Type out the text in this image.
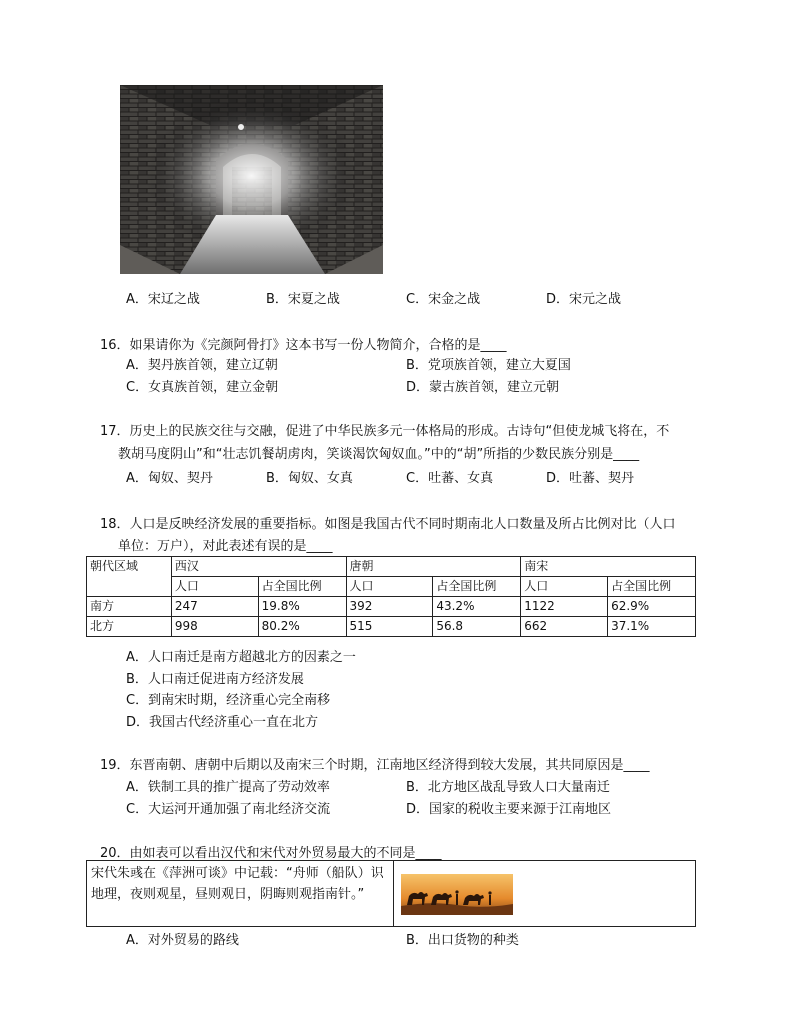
A．宋辽之战	B．宋夏之战	C．宋金之战	D．宋元之战
16．如果请你为《完颜阿骨打》这本书写一份人物简介，合格的是____
A．契丹族首领，建立辽朝	B．党项族首领，建立大夏国
C．女真族首领，建立金朝	D．蒙古族首领，建立元朝
17．历史上的民族交往与交融，促进了中华民族多元一体格局的形成。古诗句“但使龙城飞将在，不
教胡马度阴山”和“壮志饥餐胡虏肉，笑谈渴饮匈奴血。”中的“胡”所指的少数民族分别是____
A．匈奴、契丹	B．匈奴、女真	C．吐蕃、女真	D．吐蕃、契丹
18．人口是反映经济发展的重要指标。如图是我国古代不同时期南北人口数量及所占比例对比（人口
单位：万户），对此表述有误的是____
朝代区域	西汉		唐朝		南宋	
	人口	占全国比例	人口	占全国比例	人口	占全国比例
南方	247	19.8%	392	43.2%	1122	62.9%
北方	998	80.2%	515	56.8	662	37.1%
A．人口南迁是南方超越北方的因素之一
B．人口南迁促进南方经济发展
C．到南宋时期，经济重心完全南移
D．我国古代经济重心一直在北方
19．东晋南朝、唐朝中后期以及南宋三个时期，江南地区经济得到较大发展，其共同原因是____
A．铁制工具的推广提高了劳动效率	B．北方地区战乱导致人口大量南迁
C．大运河开通加强了南北经济交流	D．国家的税收主要来源于江南地区
20．由如表可以看出汉代和宋代对外贸易最大的不同是____
宋代朱彧在《萍洲可谈》中记载：“舟师（船队）识地理，夜则观星，昼则观日，阴晦则观指南针。”
A．对外贸易的路线	B．出口货物的种类
